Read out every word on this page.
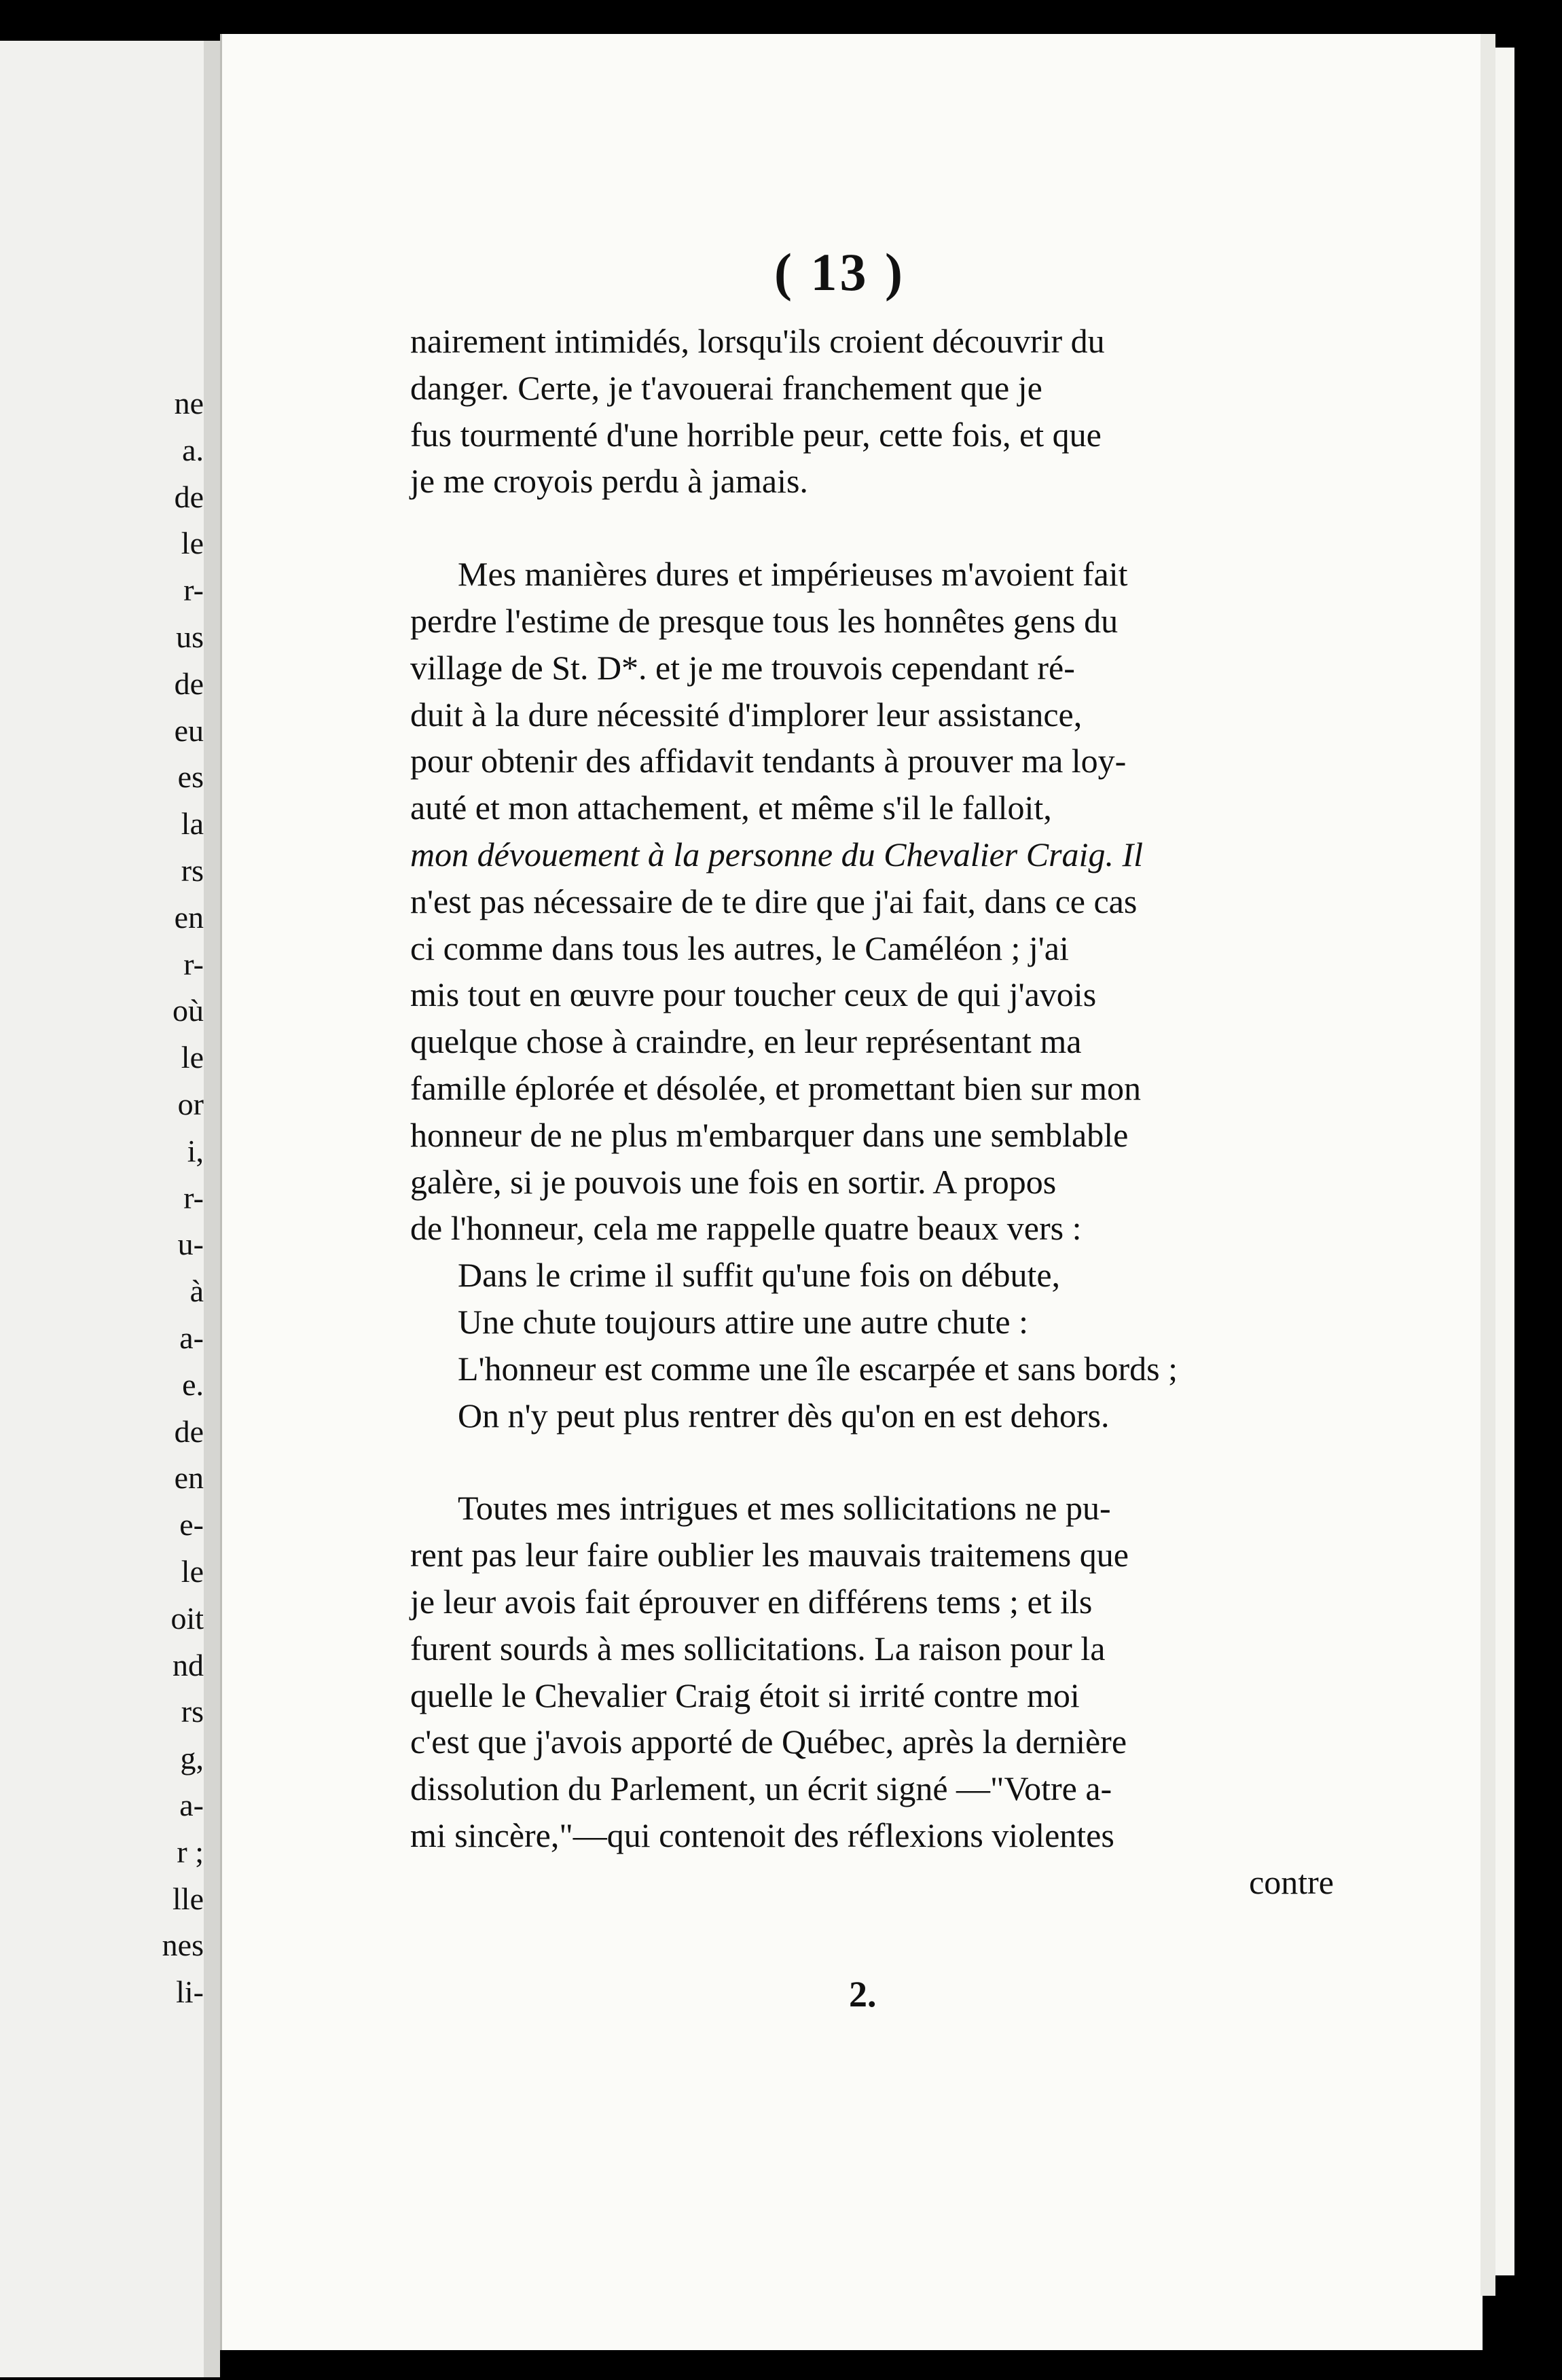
ne
a.
de
le
r-
us
de
eu
es
la
rs
en
r-
où
le
or
i,
r-
u-
à
a-
e.
de
en
e-
le
oit
nd
rs
g,
a-
r ;
lle
nes
li-
( 13 )
nairement intimidés, lorsqu'ils croient découvrir du
danger. Certe, je t'avouerai franchement que je
fus tourmenté d'une horrible peur, cette fois, et que
je me croyois perdu à jamais.
Mes manières dures et impérieuses m'avoient fait
perdre l'estime de presque tous les honnêtes gens du
village de St. D*. et je me trouvois cependant ré-
duit à la dure nécessité d'implorer leur assistance,
pour obtenir des affidavit tendants à prouver ma loy-
auté et mon attachement, et même s'il le falloit,
mon dévouement à la personne du Chevalier Craig. Il
n'est pas nécessaire de te dire que j'ai fait, dans ce cas
ci comme dans tous les autres, le Caméléon ; j'ai
mis tout en œuvre pour toucher ceux de qui j'avois
quelque chose à craindre, en leur représentant ma
famille éplorée et désolée, et promettant bien sur mon
honneur de ne plus m'embarquer dans une semblable
galère, si je pouvois une fois en sortir. A propos
de l'honneur, cela me rappelle quatre beaux vers :
Dans le crime il suffit qu'une fois on débute,
Une chute toujours attire une autre chute :
L'honneur est comme une île escarpée et sans bords ;
On n'y peut plus rentrer dès qu'on en est dehors.
Toutes mes intrigues et mes sollicitations ne pu-
rent pas leur faire oublier les mauvais traitemens que
je leur avois fait éprouver en différens tems ; et ils
furent sourds à mes sollicitations. La raison pour la
quelle le Chevalier Craig étoit si irrité contre moi
c'est que j'avois apporté de Québec, après la dernière
dissolution du Parlement, un écrit signé —"Votre a-
mi sincère,"—qui contenoit des réflexions violentes
contre
2.
